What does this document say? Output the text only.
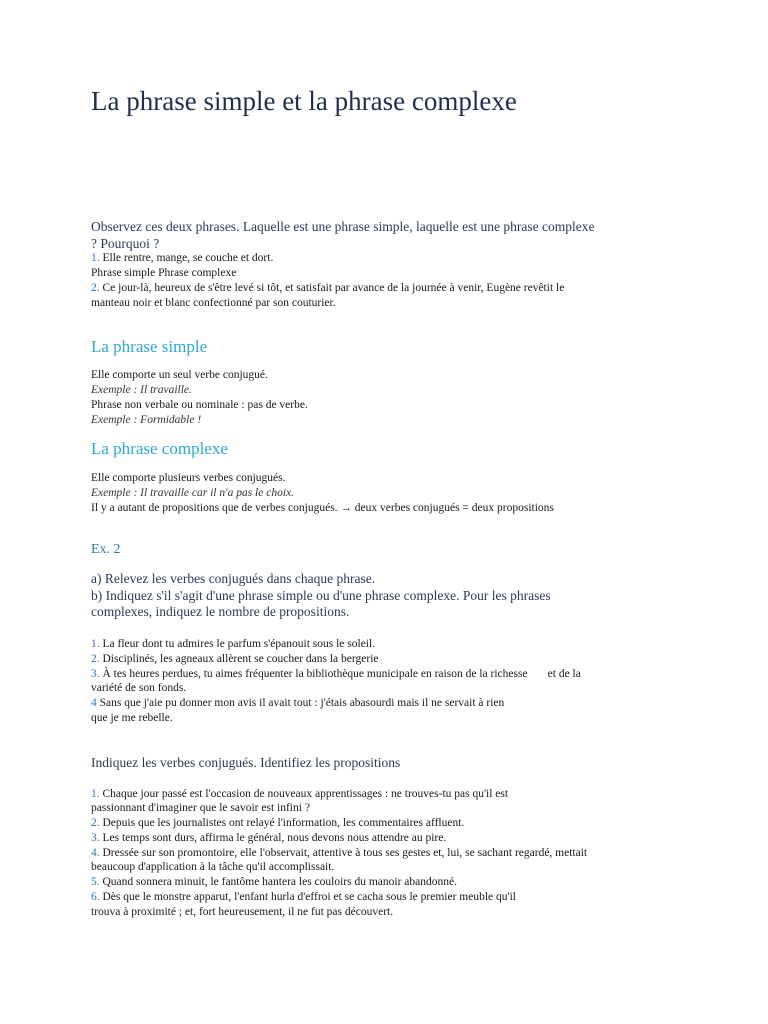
La phrase simple et la phrase complexe
Observez ces deux phrases. Laquelle est une phrase simple, laquelle est une phrase complexe
? Pourquoi ?
1. Elle rentre, mange, se couche et dort.
Phrase simple Phrase complexe
2. Ce jour-là, heureux de s'être levé si tôt, et satisfait par avance de la journée à venir, Eugène revêtit le
manteau noir et blanc confectionné par son couturier.
La phrase simple
Elle comporte un seul verbe conjugué.
Exemple : Il travaille.
Phrase non verbale ou nominale : pas de verbe.
Exemple : Formidable !
La phrase complexe
Elle comporte plusieurs verbes conjugués.
Exemple : Il travaille car il n'a pas le choix.
Il y a autant de propositions que de verbes conjugués. → deux verbes conjugués = deux propositions
Ex. 2
a) Relevez les verbes conjugués dans chaque phrase.
b) Indiquez s'il s'agit d'une phrase simple ou d'une phrase complexe. Pour les phrases
complexes, indiquez le nombre de propositions.
1. La fleur dont tu admires le parfum s'épanouit sous le soleil.
2. Disciplinés, les agneaux allèrent se coucher dans la bergerie
3. À tes heures perdues, tu aimes fréquenter la bibliothèque municipale en raison de la richesse       et de la
variété de son fonds.
4 Sans que j'aie pu donner mon avis il avait tout : j'étais abasourdi mais il ne servait à rien
que je me rebelle.
Indiquez les verbes conjugués. Identifiez les propositions
1. Chaque jour passé est l'occasion de nouveaux apprentissages : ne trouves-tu pas qu'il est
passionnant d'imaginer que le savoir est infini ?
2. Depuis que les journalistes ont relayé l'information, les commentaires affluent.
3. Les temps sont durs, affirma le général, nous devons nous attendre au pire.
4. Dressée sur son promontoire, elle l'observait, attentive à tous ses gestes et, lui, se sachant regardé, mettait
beaucoup d'application à la tâche qu'il accomplissait.
5. Quand sonnera minuit, le fantôme hantera les couloirs du manoir abandonné.
6. Dès que le monstre apparut, l'enfant hurla d'effroi et se cacha sous le premier meuble qu'il
trouva à proximité ; et, fort heureusement, il ne fut pas découvert.
